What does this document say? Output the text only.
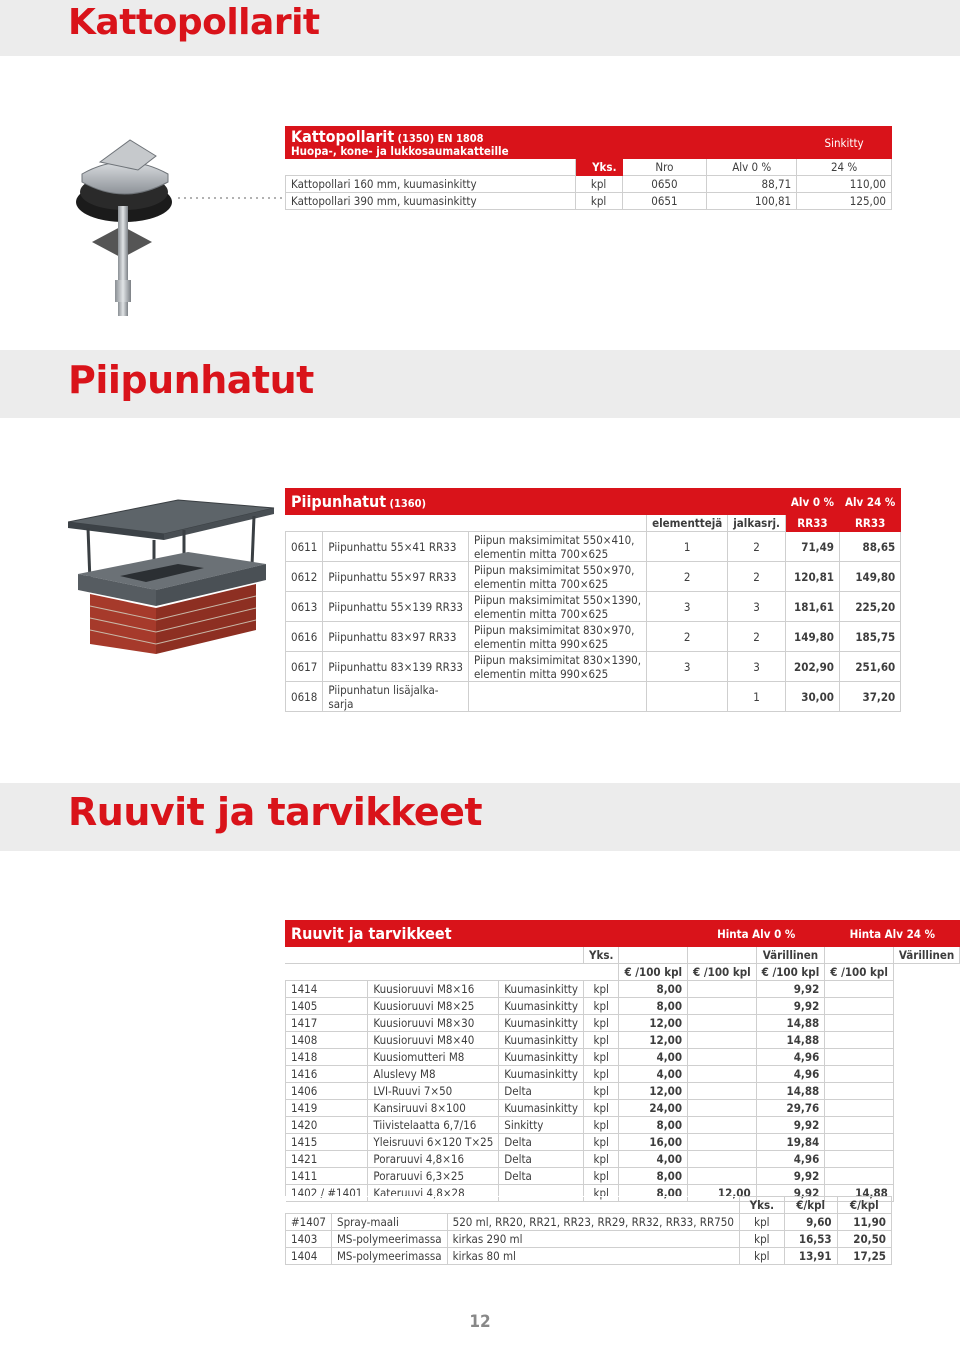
Kattopollarit
Kattopollarit (1350) EN 1808
Huopa-, kone- ja lukkosaumakatteille				Sinkitty
	Yks.	Nro	Alv 0 %	24 %
Kattopollari 160 mm, kuumasinkitty	kpl	0650	88,71	110,00
Kattopollari 390 mm, kuumasinkitty	kpl	0651	100,81	125,00
Piipunhatut
Piipunhatut (1360)					Alv 0 %	Alv 24 %
			elementtejä	jalkasrj.	RR33	RR33
0611	Piipunhattu 55×41 RR33	Piipun maksimimitat 550×410,
elementin mitta 700×625	1	2	71,49	88,65
0612	Piipunhattu 55×97 RR33	Piipun maksimimitat 550×970,
elementin mitta 700×625	2	2	120,81	149,80
0613	Piipunhattu 55×139 RR33	Piipun maksimimitat 550×1390,
elementin mitta 700×625	3	3	181,61	225,20
0616	Piipunhattu 83×97 RR33	Piipun maksimimitat 830×970,
elementin mitta 990×625	2	2	149,80	185,75
0617	Piipunhattu 83×139 RR33	Piipun maksimimitat 830×1390,
elementin mitta 990×625	3	3	202,90	251,60
0618	Piipunhatun lisäjalka-
sarja			1	30,00	37,20
Ruuvit ja tarvikkeet
Ruuvit ja tarvikkeet					Hinta Alv 0 %		Hinta Alv 24 %	
			Yks.			Värillinen		Värillinen
				€ /100 kpl	€ /100 kpl	€ /100 kpl	€ /100 kpl	
1414	Kuusioruuvi M8×16	Kuumasinkitty	kpl	8,00		9,92		
1405	Kuusioruuvi M8×25	Kuumasinkitty	kpl	8,00		9,92		
1417	Kuusioruuvi M8×30	Kuumasinkitty	kpl	12,00		14,88		
1408	Kuusioruuvi M8×40	Kuumasinkitty	kpl	12,00		14,88		
1418	Kuusiomutteri M8	Kuumasinkitty	kpl	4,00		4,96		
1416	Aluslevy M8	Kuumasinkitty	kpl	4,00		4,96		
1406	LVI-Ruuvi 7×50	Delta	kpl	12,00		14,88		
1419	Kansiruuvi 8×100	Kuumasinkitty	kpl	24,00		29,76		
1420	Tiivistelaatta 6,7/16	Sinkitty	kpl	8,00		9,92		
1415	Yleisruuvi 6×120 T×25	Delta	kpl	16,00		19,84		
1421	Poraruuvi 4,8×16	Delta	kpl	4,00		4,96		
1411	Poraruuvi 6,3×25	Delta	kpl	8,00		9,92		
1402 / #1401	Kateruuvi 4,8×28		kpl	8,00	12,00	9,92	14,88	
			Yks.	€/kpl	€/kpl
#1407	Spray-maali	520 ml, RR20, RR21, RR23, RR29, RR32, RR33, RR750	kpl	9,60	11,90
1403	MS-polymeerimassa	kirkas 290 ml	kpl	16,53	20,50
1404	MS-polymeerimassa	kirkas 80 ml	kpl	13,91	17,25
12
